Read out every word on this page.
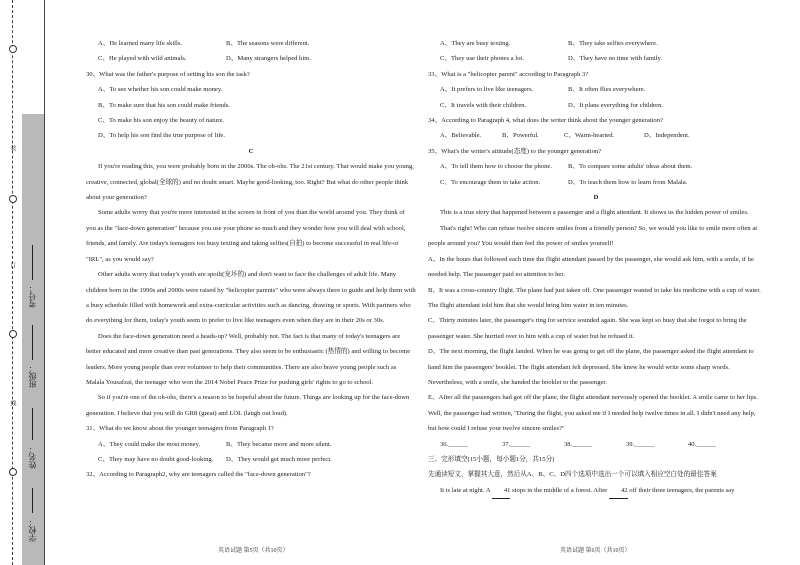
装
订
线
学校：
姓名：
班级：
考号：
A、He learned many life skills.	B、The seasons were different.
C、He played with wild animals.	D、Many strangers helped him.

30、What was the father's purpose of setting his son the task?

A、To see whether his son could make money.

B、To make sure that his son could make friends.

C、To make his son enjoy the beauty of nature.

D、To help his son find the true purpose of life.

C

If you're reading this, you were probably born in the 2000s. The oh-ohs. The 21st century. That would make you young, creative, connected, global(全球的) and no doubt smart. Maybe good-looking, too. Right? But what do other people think about your generation?

Some adults worry that you're more interested in the screen in front of you than the world around you. They think of you as the "face-down generation" because you use your phone so much and they wonder how you will deal with school, friends, and family. Are today's teenagers too busy texting and taking selfies(自拍) to become successful in real life-or "IRL", as you would say?

Other adults worry that today's youth are spoilt(宠坏的) and don't want to face the challenges of adult life. Many children born in the 1990s and 2000s were raised by "helicopter parents" who were always there to guide and help them with a busy schedule filled with homework and extra-curricular activities such as dancing, drawing or sports. With partners who do everything for them, today's youth seem to prefer to live like teenagers even when they are in their 20s or 30s.

Does the face-down generation need a heads-up? Well, probably not. The fact is that many of today's teenagers are better educated and more creative than past generations. They also seem to be enthusiastic (热情的) and willing to become leaders. More young people than ever volunteer to help their communities. There are also brave young people such as Malala Yousafzai, the teenager who won the 2014 Nobel Peace Prize for pushing girls' rights to go to school.

So if you're one of the oh-ohs, there's a reason to be hopeful about the future. Things are looking up for the face-down generation. I believe that you will do GR8 (great) and LOL (laugh out loud).

31、What do we know about the younger teenagers from Paragraph 1?

A、They could make the most money.	B、They became more and more silent.
C、They may have no doubt good-looking.	D、They would get much more perfect.

32、According to Paragraph2, why are teenagers called the "face-down generation"?

英语试题 第5页（共10页）
A、They are busy texting.	B、They take selfies everywhere.
C、They use their phones a lot.	D、They have no time with family.

33、What is a "helicopter parent" according to Paragraph 3?

A、It prefers to live like teenagers.	B、It often flies everywhere.
C、It travels with their children.	D、It plans everything for children.

34、According to Paragraph 4, what does the writer think about the younger generation?

A、Believable.	B、Powerful.	C、Warm-hearted.	D、Independent.

35、What's the writer's attitude(态度) to the younger generation?

A、To tell them how to choose the phone.	B、To compare some adults' ideas about them.
C、To encourage them to take action.	D、To teach them how to learn from Malala.

D

This is a true story that happened between a passenger and a flight attendant. It shows us the hidden power of smiles.

That's right! Who can refuse twelve sincere smiles from a friendly person? So, we would you like to smile more often at people around you? You would then feel the power of smiles yourself!

A、In the hours that followed each time the flight attendant passed by the passenger, she would ask him, with a smile, if he needed help. The passenger paid no attention to her.

B、It was a cross-country flight. The plane had just taken off. One passenger wanted to take his medicine with a cup of water. The flight attendant told him that she would bring him water in ten minutes.

C、Thirty minutes later, the passenger's ring for service sounded again. She was kept so busy that she forgot to bring the passenger water. She hurried over to him with a cup of water but he refused it.

D、The next morning, the flight landed. When he was going to get off the plane, the passenger asked the flight attendant to hand him the passengers' booklet. The flight attendant felt depressed. She knew he would write some sharp words. Nevertheless, with a smile, she handed the booklet to the passenger.

E、After all the passengers had got off the plane, the flight attendant nervously opened the booklet. A smile came to her lips. Well, the passenger had written, "During the flight, you asked me if I needed help twelve times in all. I didn't need any help, but how could I refuse your twelve sincere smiles?"

36.______	37.______	38.______	39.______	40.______

三、完形填空(15小题，每小题1分，共15分)

先通读短文，掌握其大意，然后从A、B、C、D四个选项中选出一个可以填入相应空白处的最佳答案

It is late at night. A 41 stops in the middle of a forest. After 42 off their three teenagers, the parents say

英语试题 第6页（共10页）
